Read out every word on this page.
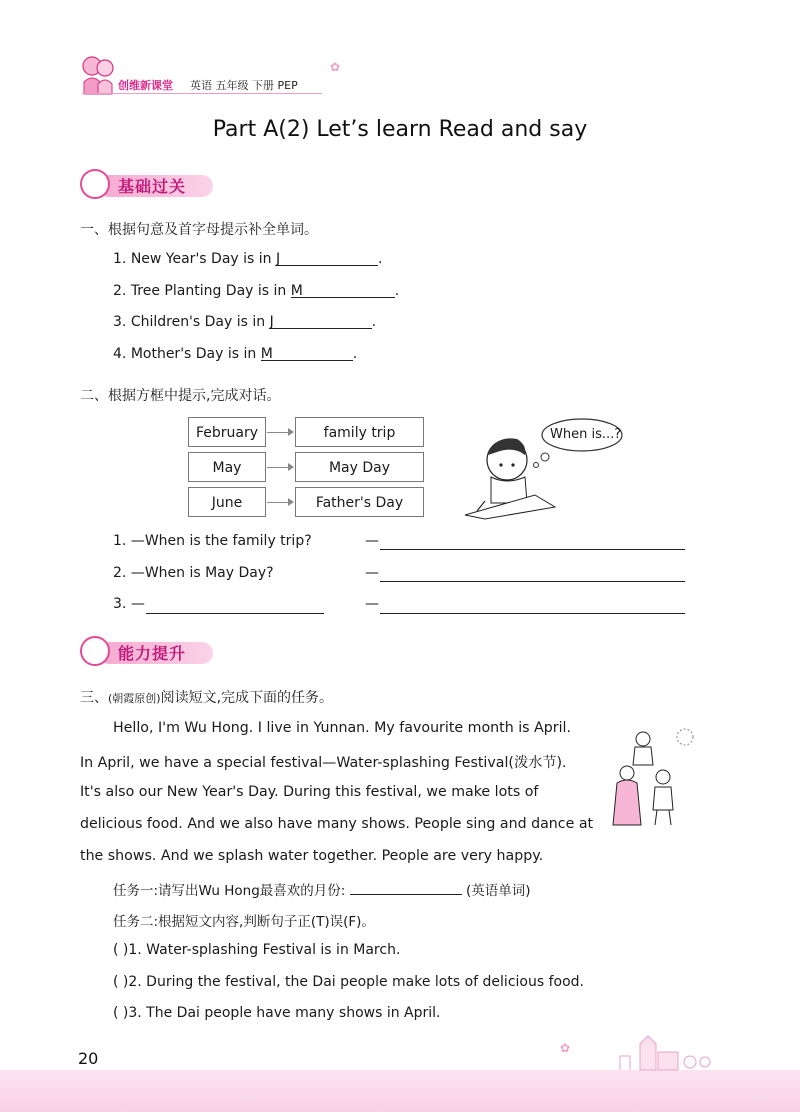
创维新课堂 英语 五年级 下册 PEP
✿
Part A(2) Let’s learn Read and say
基础过关
一、根据句意及首字母提示补全单词。
1. New Year's Day is in J	.
2. Tree Planting Day is in M	.
3. Children's Day is in J	.
4. Mother's Day is in M	.
二、根据方框中提示,完成对话。
February	family trip
May	May Day
June	Father's Day
When is...?
1. —When is the family trip?	—
2. —When is May Day?	—
3. —	—
能力提升
三、(朝霞原创)阅读短文,完成下面的任务。
Hello, I'm Wu Hong. I live in Yunnan. My favourite month is April.
In April, we have a special festival—Water-splashing Festival(泼水节).
It's also our New Year's Day. During this festival, we make lots of
delicious food. And we also have many shows. People sing and dance at
the shows. And we splash water together. People are very happy.
任务一:请写出Wu Hong最喜欢的月份:	(英语单词)
任务二:根据短文内容,判断句子正(T)误(F)。
( )1. Water-splashing Festival is in March.
( )2. During the festival, the Dai people make lots of delicious food.
( )3. The Dai people have many shows in April.
✿
20
